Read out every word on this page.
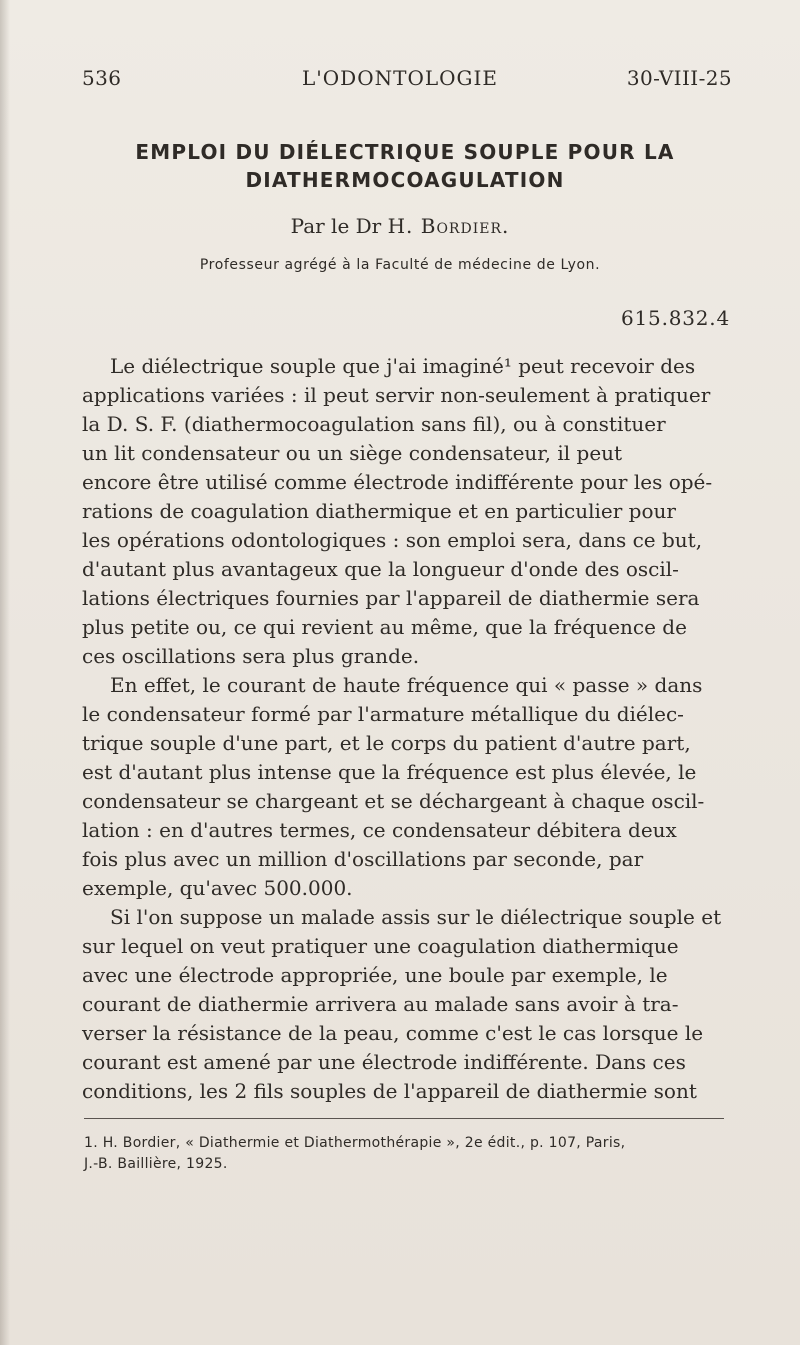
536	L'ODONTOLOGIE	30-VIII-25
EMPLOI DU DIÉLECTRIQUE SOUPLE POUR LA
DIATHERMOCOAGULATION
Par le Dr H. Bordier.
Professeur agrégé à la Faculté de médecine de Lyon.
615.832.4
Le diélectrique souple que j'ai imaginé¹ peut recevoir des
applications variées : il peut servir non-seulement à pratiquer
la D. S. F. (diathermocoagulation sans fil), ou à constituer
un lit condensateur ou un siège condensateur, il peut
encore être utilisé comme électrode indifférente pour les opé-
rations de coagulation diathermique et en particulier pour
les opérations odontologiques : son emploi sera, dans ce but,
d'autant plus avantageux que la longueur d'onde des oscil-
lations électriques fournies par l'appareil de diathermie sera
plus petite ou, ce qui revient au même, que la fréquence de
ces oscillations sera plus grande.
En effet, le courant de haute fréquence qui « passe » dans
le condensateur formé par l'armature métallique du diélec-
trique souple d'une part, et le corps du patient d'autre part,
est d'autant plus intense que la fréquence est plus élevée, le
condensateur se chargeant et se déchargeant à chaque oscil-
lation : en d'autres termes, ce condensateur débitera deux
fois plus avec un million d'oscillations par seconde, par
exemple, qu'avec 500.000.
Si l'on suppose un malade assis sur le diélectrique souple et
sur lequel on veut pratiquer une coagulation diathermique
avec une électrode appropriée, une boule par exemple, le
courant de diathermie arrivera au malade sans avoir à tra-
verser la résistance de la peau, comme c'est le cas lorsque le
courant est amené par une électrode indifférente. Dans ces
conditions, les 2 fils souples de l'appareil de diathermie sont
1. H. Bordier, « Diathermie et Diathermothérapie », 2e édit., p. 107, Paris,
J.-B. Baillière, 1925.
